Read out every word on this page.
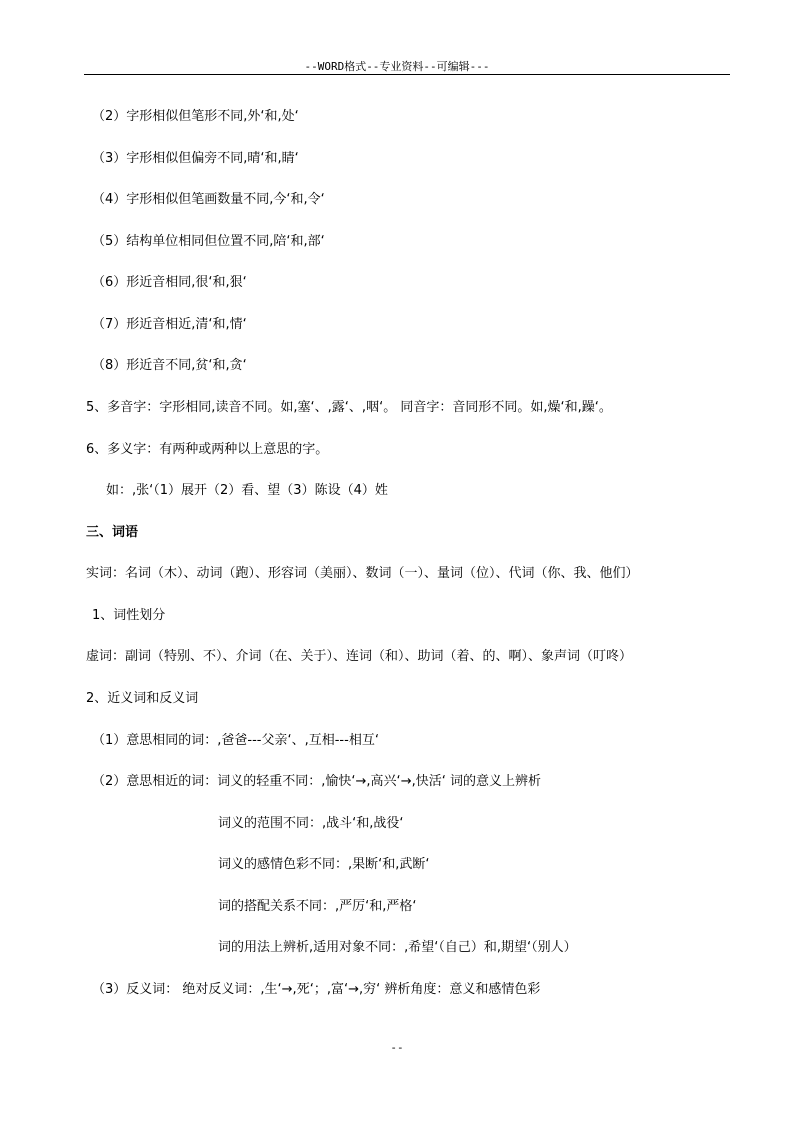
--WORD格式--专业资料--可编辑---
（2）字形相似但笔形不同,外‘和,处‘
（3）字形相似但偏旁不同,晴‘和,睛‘
（4）字形相似但笔画数量不同,今‘和,令‘
（5）结构单位相同但位置不同,陪‘和,部‘
（6）形近音相同,很‘和,狠‘
（7）形近音相近,清‘和,情‘
（8）形近音不同,贫‘和,贪‘
5、多音字：字形相同,读音不同。如,塞‘、,露‘、,咽‘。 同音字：音同形不同。如,燥‘和,躁‘。
6、多义字：有两种或两种以上意思的字。
如：,张‘（1）展开（2）看、望（3）陈设（4）姓
三、词语
实词：名词（木）、动词（跑）、形容词（美丽）、数词（一）、量词（位）、代词（你、我、他们）
1、词性划分
虚词：副词（特别、不）、介词（在、关于）、连词（和）、助词（着、的、啊）、象声词（叮咚）
2、近义词和反义词
（1）意思相同的词：,爸爸---父亲‘、,互相---相互‘
（2）意思相近的词：词义的轻重不同：,愉快‘→,高兴‘→,快活‘ 词的意义上辨析
词义的范围不同：,战斗‘和,战役‘
词义的感情色彩不同：,果断‘和,武断‘
词的搭配关系不同：,严厉‘和,严格‘
词的用法上辨析,适用对象不同：,希望‘（自己）和,期望‘（别人）
（3）反义词： 绝对反义词：,生‘→,死‘；,富‘→,穷‘ 辨析角度：意义和感情色彩
--
